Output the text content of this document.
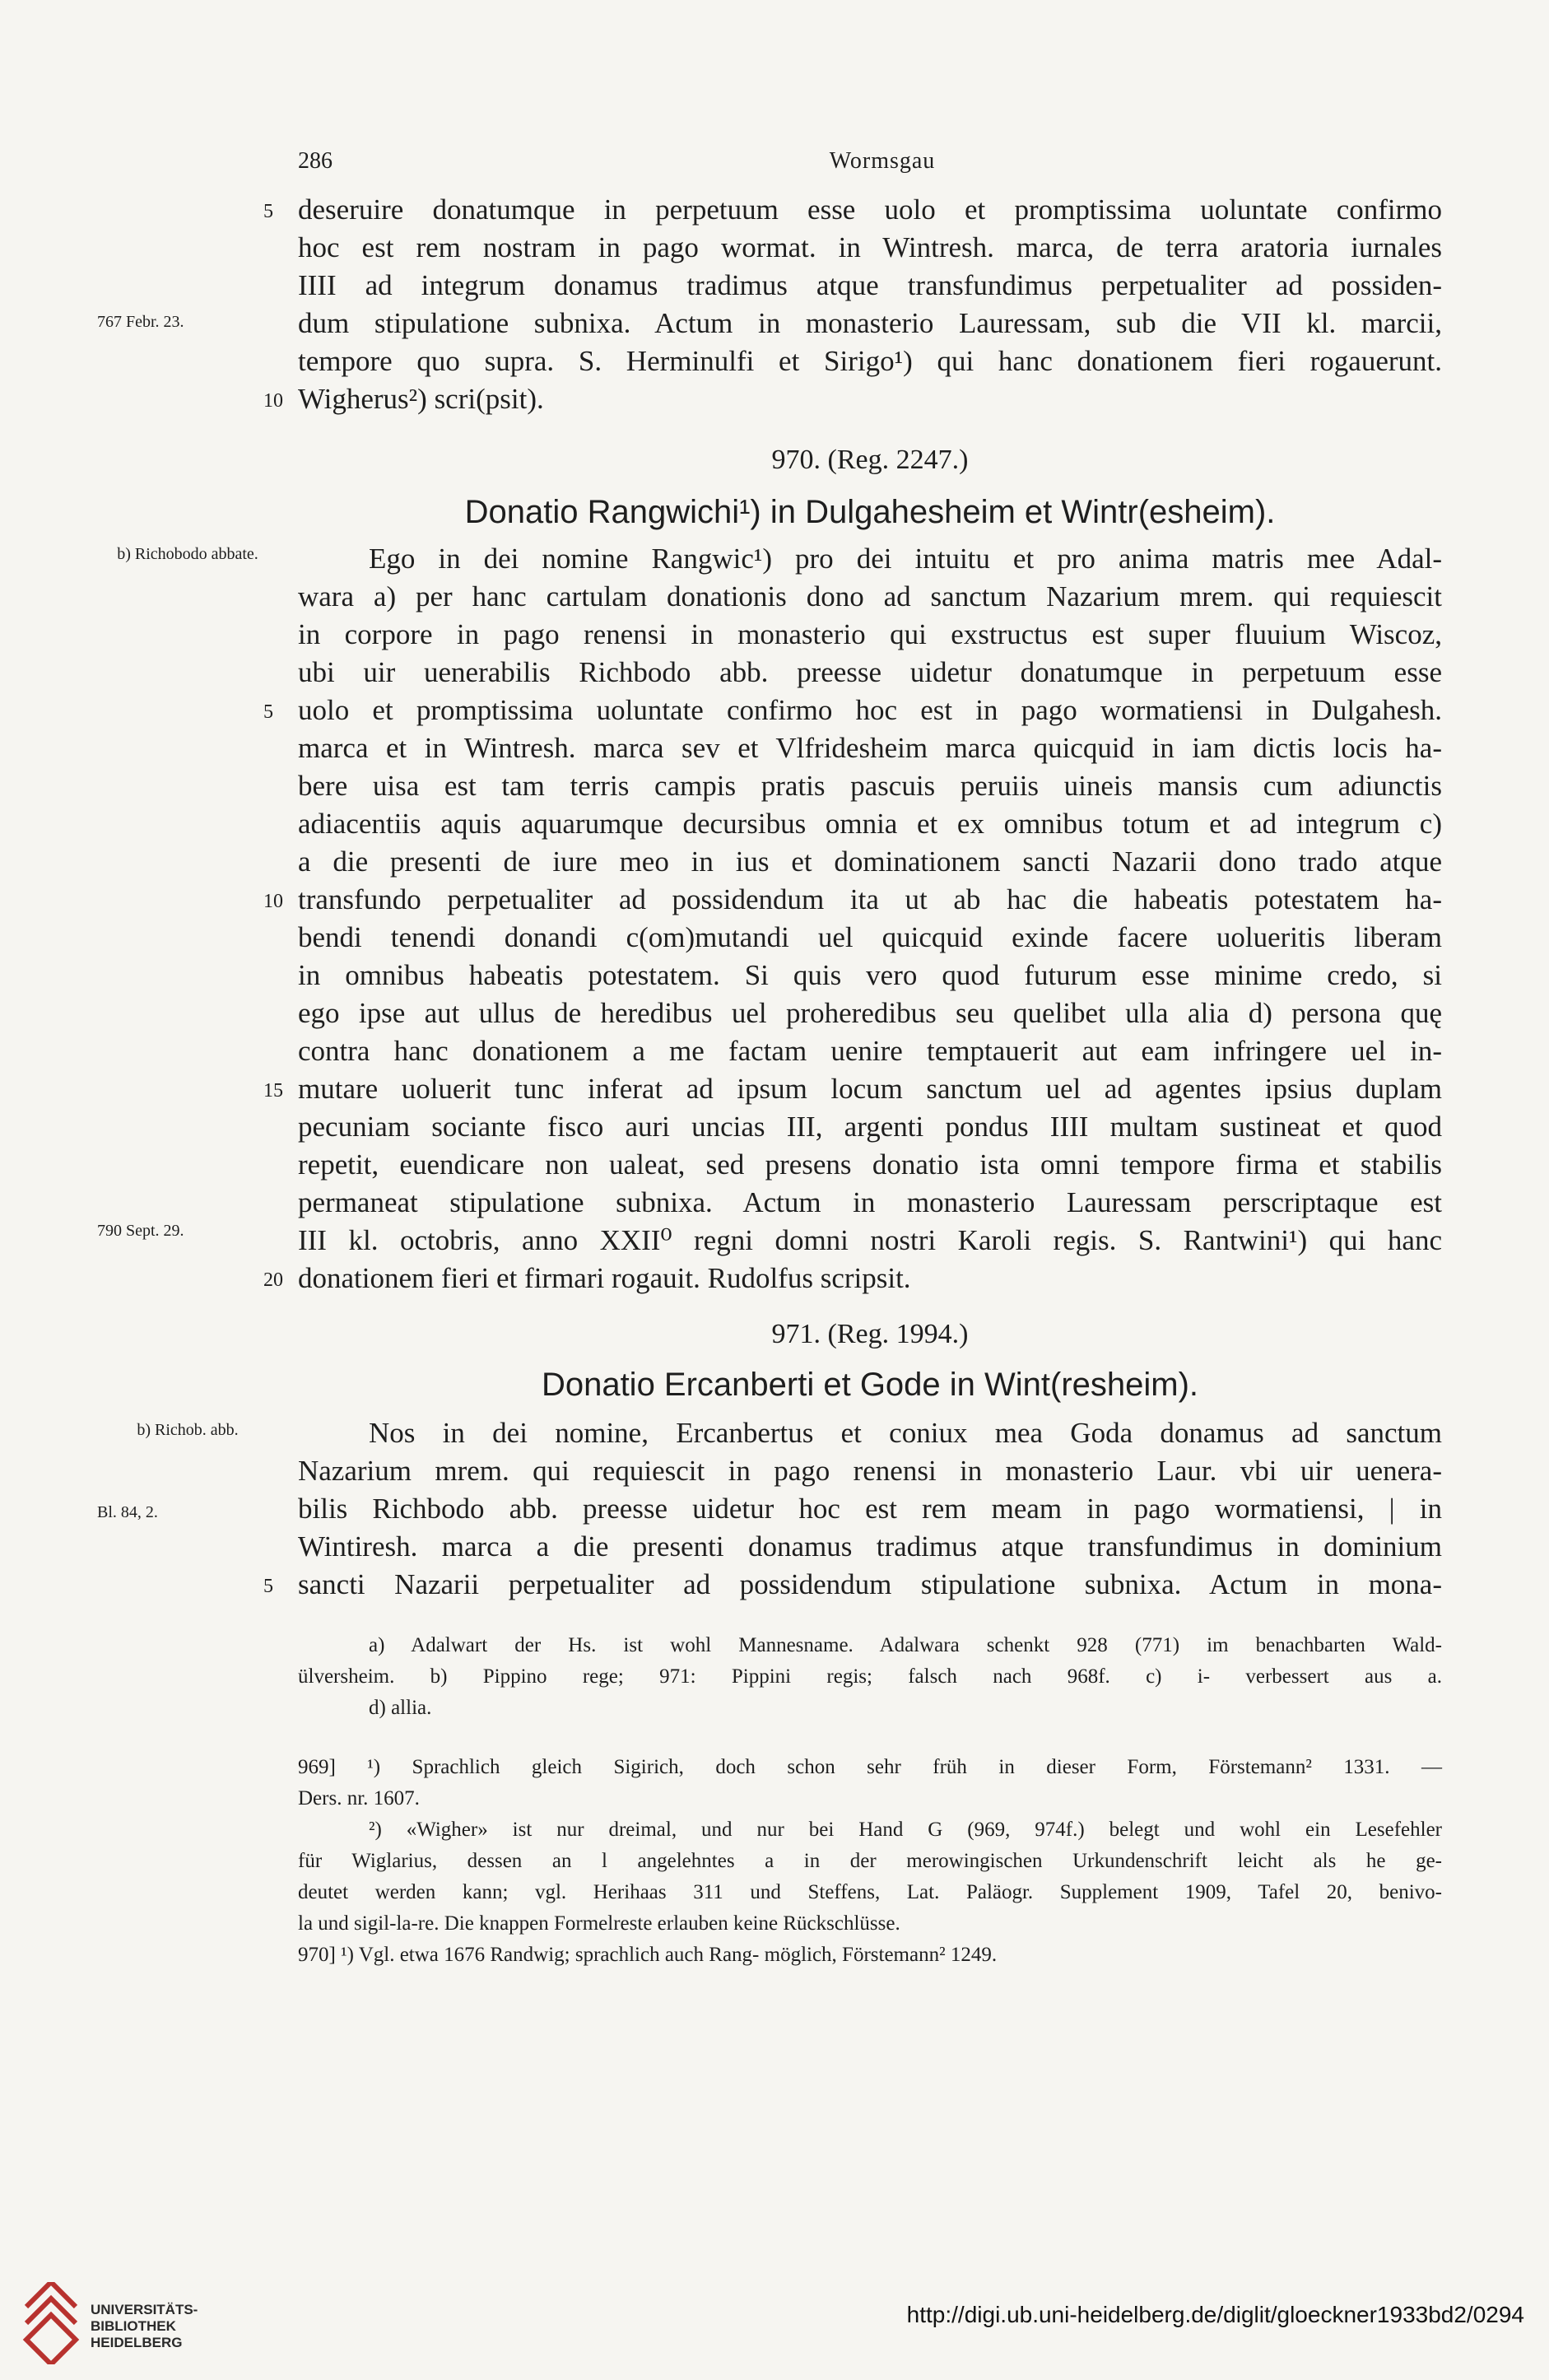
286	Wormsgau
5 deseruire donatumque in perpetuum esse uolo et promptissima uoluntate confirmo
hoc est rem nostram in pago wormat. in Wintresh. marca, de terra aratoria iurnales
IIII ad integrum donamus tradimus atque transfundimus perpetualiter ad possiden-
dum stipulatione subnixa. Actum in monasterio Lauressam, sub die VII kl. marcii,
tempore quo supra. S. Herminulfi et Sirigo¹) qui hanc donationem fieri rogauerunt.
10 Wigherus²) scri(psit).
767 Febr. 23.
970. (Reg. 2247.)
Donatio Rangwichi¹) in Dulgahesheim et Wintr(esheim).
b) Richobodo abbate.	Ego in dei nomine Rangwic¹) pro dei intuitu et pro anima matris mee Adal-
wara a) per hanc cartulam donationis dono ad sanctum Nazarium mrem. qui requiescit
in corpore in pago renensi in monasterio qui exstructus est super fluuium Wiscoz,
ubi uir uenerabilis Richbodo abb. preesse uidetur donatumque in perpetuum esse
5 uolo et promptissima uoluntate confirmo hoc est in pago wormatiensi in Dulgahesh.
marca et in Wintresh. marca sev et Vlfridesheim marca quicquid in iam dictis locis ha-
bere uisa est tam terris campis pratis pascuis peruiis uineis mansis cum adiunctis
adiacentiis aquis aquarumque decursibus omnia et ex omnibus totum et ad integrum c)
a die presenti de iure meo in ius et dominationem sancti Nazarii dono trado atque
10 transfundo perpetualiter ad possidendum ita ut ab hac die habeatis potestatem ha-
bendi tenendi donandi c(om)mutandi uel quicquid exinde facere uolueritis liberam
in omnibus habeatis potestatem. Si quis vero quod futurum esse minime credo, si
ego ipse aut ullus de heredibus uel proheredibus seu quelibet ulla alia d) persona quę
contra hanc donationem a me factam uenire temptauerit aut eam infringere uel in-
15 mutare uoluerit tunc inferat ad ipsum locum sanctum uel ad agentes ipsius duplam
pecuniam sociante fisco auri uncias III, argenti pondus IIII multam sustineat et quod
repetit, euendicare non ualeat, sed presens donatio ista omni tempore firma et stabilis
permaneat stipulatione subnixa. Actum in monasterio Lauressam perscriptaque est
III kl. octobris, anno XXII⁰ regni domni nostri Karoli regis. S. Rantwini¹) qui hanc
20 donationem fieri et firmari rogauit. Rudolfus scripsit.
790 Sept. 29.
971. (Reg. 1994.)
Donatio Ercanberti et Gode in Wint(resheim).
b) Richob. abb.
Bl. 84, 2.
Nos in dei nomine, Ercanbertus et coniux mea Goda donamus ad sanctum
Nazarium mrem. qui requiescit in pago renensi in monasterio Laur. vbi uir uenera-
bilis Richbodo abb. preesse uidetur hoc est rem meam in pago wormatiensi, | in
Wintiresh. marca a die presenti donamus tradimus atque transfundimus in dominium
5 sancti Nazarii perpetualiter ad possidendum stipulatione subnixa. Actum in mona-
a) Adalwart der Hs. ist wohl Mannesname. Adalwara schenkt 928 (771) im benachbarten Wald-
ülversheim. b) Pippino rege; 971: Pippini regis; falsch nach 968f. c) i- verbessert aus a.
d) allia.
969] ¹) Sprachlich gleich Sigirich, doch schon sehr früh in dieser Form, Förstemann² 1331. —
Ders. nr. 1607.
²) «Wigher» ist nur dreimal, und nur bei Hand G (969, 974f.) belegt und wohl ein Lesefehler
für Wiglarius, dessen an l angelehntes a in der merowingischen Urkundenschrift leicht als he ge-
deutet werden kann; vgl. Herihaas 311 und Steffens, Lat. Paläogr. Supplement 1909, Tafel 20, benivo-
la und sigil-la-re. Die knappen Formelreste erlauben keine Rückschlüsse.
970] ¹) Vgl. etwa 1676 Randwig; sprachlich auch Rang- möglich, Förstemann² 1249.
UNIVERSITÄTS-
BIBLIOTHEK
HEIDELBERG
http://digi.ub.uni-heidelberg.de/diglit/gloeckner1933bd2/0294
